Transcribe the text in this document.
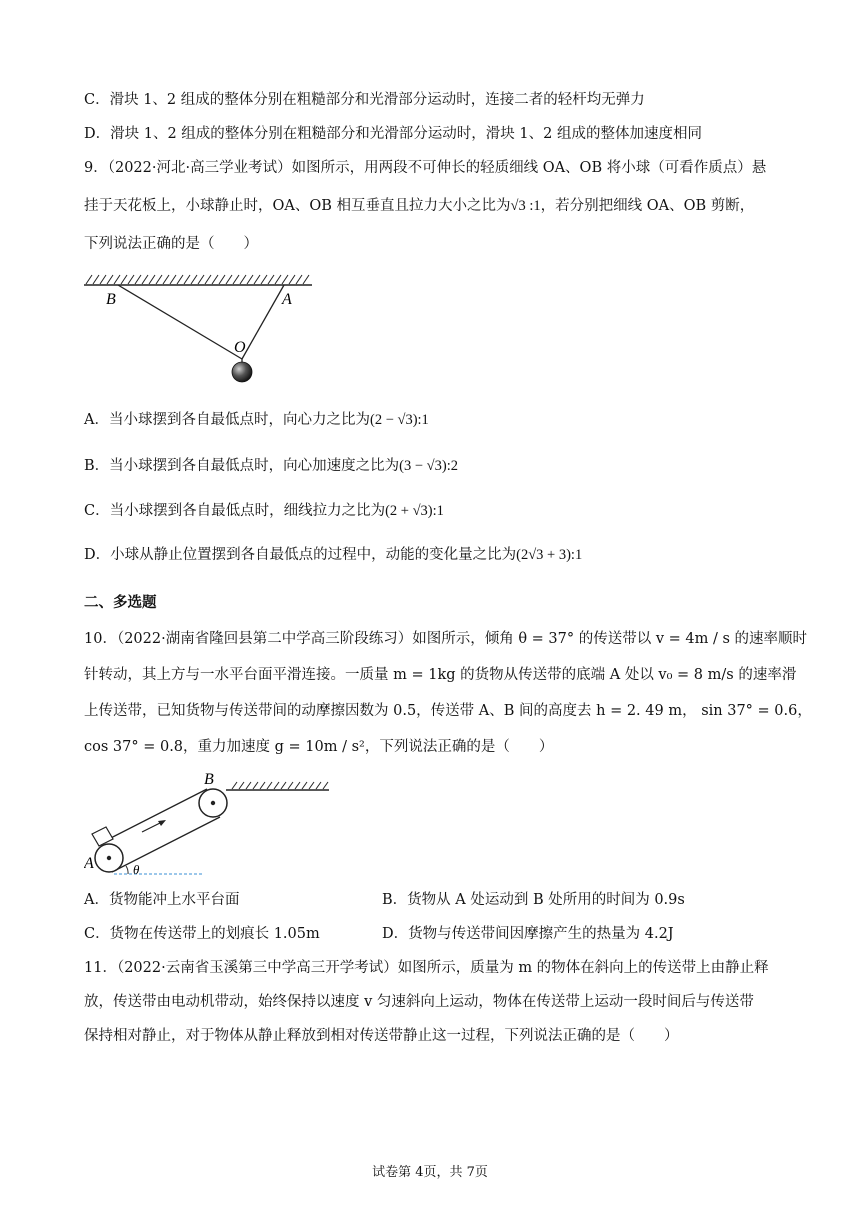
C．滑块 1、2 组成的整体分别在粗糙部分和光滑部分运动时，连接二者的轻杆均无弹力
D．滑块 1、2 组成的整体分别在粗糙部分和光滑部分运动时，滑块 1、2 组成的整体加速度相同
9．（2022·河北·高三学业考试）如图所示，用两段不可伸长的轻质细线 OA、OB 将小球（可看作质点）悬
挂于天花板上，小球静止时，OA、OB 相互垂直且拉力大小之比为√3 :1，若分别把细线 OA、OB 剪断，
下列说法正确的是（　　）
B	A
O
A．当小球摆到各自最低点时，向心力之比为(2 − √3):1
B．当小球摆到各自最低点时，向心加速度之比为(3 − √3):2
C．当小球摆到各自最低点时，细线拉力之比为(2 + √3):1
D．小球从静止位置摆到各自最低点的过程中，动能的变化量之比为(2√3 + 3):1
二、多选题
10．（2022·湖南省隆回县第二中学高三阶段练习）如图所示，倾角 θ = 37° 的传送带以 v = 4m / s 的速率顺时
针转动，其上方与一水平台面平滑连接。一质量 m = 1kg 的货物从传送带的底端 A 处以 v₀ = 8 m/s 的速率滑
上传送带，已知货物与传送带间的动摩擦因数为 0.5，传送带 A、B 间的高度去 h = 2. 49 m， sin 37° = 0.6，
cos 37° = 0.8，重力加速度 g = 10m / s²，下列说法正确的是（　　）
B
A	θ
A．货物能冲上水平台面	B．货物从 A 处运动到 B 处所用的时间为 0.9s
C．货物在传送带上的划痕长 1.05m	D．货物与传送带间因摩擦产生的热量为 4.2J
11．（2022·云南省玉溪第三中学高三开学考试）如图所示，质量为 m 的物体在斜向上的传送带上由静止释
放，传送带由电动机带动，始终保持以速度 v 匀速斜向上运动，物体在传送带上运动一段时间后与传送带
保持相对静止，对于物体从静止释放到相对传送带静止这一过程，下列说法正确的是（　　）
试卷第 4页，共 7页
